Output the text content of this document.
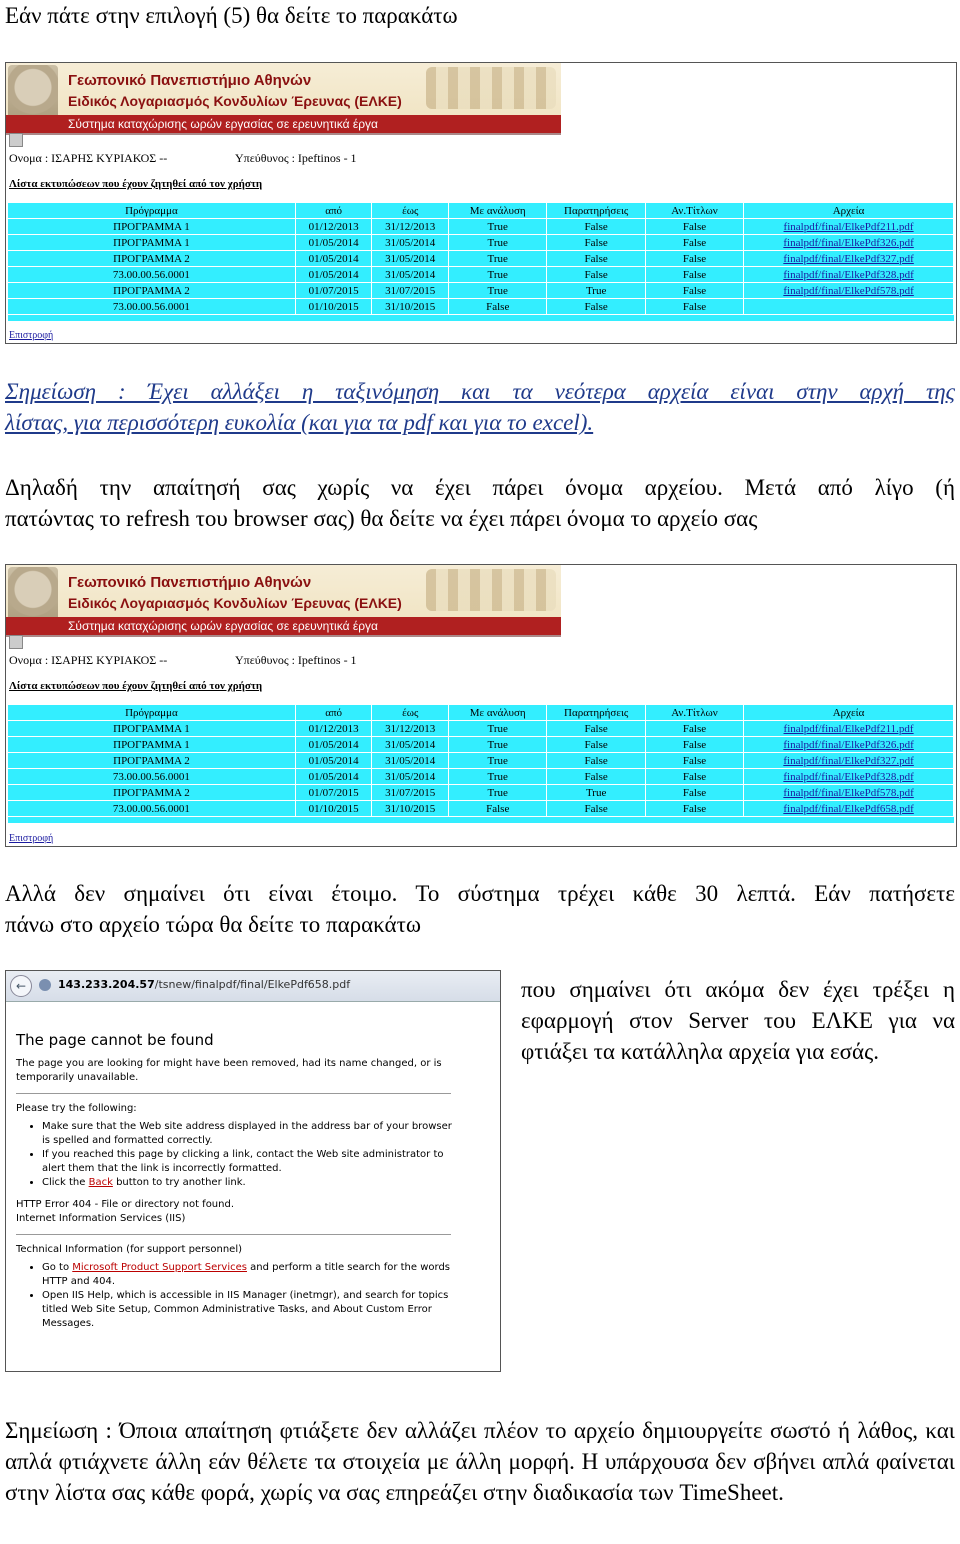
Εάν πάτε στην επιλογή (5) θα δείτε το παρακάτω
Γεωπονικό Πανεπιστήμιο Αθηνών
Ειδικός Λογαριασμός Κονδυλίων Έρευνας (ΕΛΚΕ)
Σύστημα καταχώρισης ωρών εργασίας σε ερευνητικά έργα
Ονομα : ΙΣΑΡΗΣ ΚΥΡΙΑΚΟΣ --	Υπεύθυνος : Ipeftinos - 1
Λίστα εκτυπώσεων που έχουν ζητηθεί από τον χρήστη
Πρόγραμμα	από	έως	Με ανάλυση	Παρατηρήσεις	Αν.Τίτλων	Αρχεία
ΠΡΟΓΡΑΜΜΑ 1	01/12/2013	31/12/2013	True	False	False	finalpdf/final/ElkePdf211.pdf
ΠΡΟΓΡΑΜΜΑ 1	01/05/2014	31/05/2014	True	False	False	finalpdf/final/ElkePdf326.pdf
ΠΡΟΓΡΑΜΜΑ 2	01/05/2014	31/05/2014	True	False	False	finalpdf/final/ElkePdf327.pdf
73.00.00.56.0001	01/05/2014	31/05/2014	True	False	False	finalpdf/final/ElkePdf328.pdf
ΠΡΟΓΡΑΜΜΑ 2	01/07/2015	31/07/2015	True	True	False	finalpdf/final/ElkePdf578.pdf
73.00.00.56.0001	01/10/2015	31/10/2015	False	False	False	
Επιστροφή
Σημείωση : Έχει αλλάξει η ταξινόμηση και τα νεότερα αρχεία είναι στην αρχή της
λίστας, για περισσότερη ευκολία (και για τα pdf και για το excel).
Δηλαδή την απαίτησή σας χωρίς να έχει πάρει όνομα αρχείου. Μετά από λίγο (ή
πατώντας το refresh του browser σας) θα δείτε να έχει πάρει όνομα το αρχείο σας
Γεωπονικό Πανεπιστήμιο Αθηνών
Ειδικός Λογαριασμός Κονδυλίων Έρευνας (ΕΛΚΕ)
Σύστημα καταχώρισης ωρών εργασίας σε ερευνητικά έργα
Ονομα : ΙΣΑΡΗΣ ΚΥΡΙΑΚΟΣ --	Υπεύθυνος : Ipeftinos - 1
Λίστα εκτυπώσεων που έχουν ζητηθεί από τον χρήστη
Πρόγραμμα	από	έως	Με ανάλυση	Παρατηρήσεις	Αν.Τίτλων	Αρχεία
ΠΡΟΓΡΑΜΜΑ 1	01/12/2013	31/12/2013	True	False	False	finalpdf/final/ElkePdf211.pdf
ΠΡΟΓΡΑΜΜΑ 1	01/05/2014	31/05/2014	True	False	False	finalpdf/final/ElkePdf326.pdf
ΠΡΟΓΡΑΜΜΑ 2	01/05/2014	31/05/2014	True	False	False	finalpdf/final/ElkePdf327.pdf
73.00.00.56.0001	01/05/2014	31/05/2014	True	False	False	finalpdf/final/ElkePdf328.pdf
ΠΡΟΓΡΑΜΜΑ 2	01/07/2015	31/07/2015	True	True	False	finalpdf/final/ElkePdf578.pdf
73.00.00.56.0001	01/10/2015	31/10/2015	False	False	False	finalpdf/final/ElkePdf658.pdf
Επιστροφή
Αλλά δεν σημαίνει ότι είναι έτοιμο. Το σύστημα τρέχει κάθε 30 λεπτά. Εάν πατήσετε
πάνω στο αρχείο τώρα θα δείτε το παρακάτω
←	143.233.204.57/tsnew/finalpdf/final/ElkePdf658.pdf
The page cannot be found
The page you are looking for might have been removed, had its name changed, or is temporarily unavailable.
Please try the following:
• Make sure that the Web site address displayed in the address bar of your browser is spelled and formatted correctly.
• If you reached this page by clicking a link, contact the Web site administrator to alert them that the link is incorrectly formatted.
• Click the Back button to try another link.
HTTP Error 404 - File or directory not found.
Internet Information Services (IIS)
Technical Information (for support personnel)
• Go to Microsoft Product Support Services and perform a title search for the words HTTP and 404.
• Open IIS Help, which is accessible in IIS Manager (inetmgr), and search for topics titled Web Site Setup, Common Administrative Tasks, and About Custom Error Messages.
που σημαίνει ότι ακόμα δεν έχει τρέξει η εφαρμογή στον Server του ΕΛΚΕ για να φτιάξει τα κατάλληλα αρχεία για εσάς.
Σημείωση : Όποια απαίτηση φτιάξετε δεν αλλάζει πλέον το αρχείο δημιουργείτε σωστό ή λάθος, και απλά φτιάχνετε άλλη εάν θέλετε τα στοιχεία με άλλη μορφή. Η υπάρχουσα δεν σβήνει απλά φαίνεται στην λίστα σας κάθε φορά, χωρίς να σας επηρεάζει στην διαδικασία των TimeSheet.
